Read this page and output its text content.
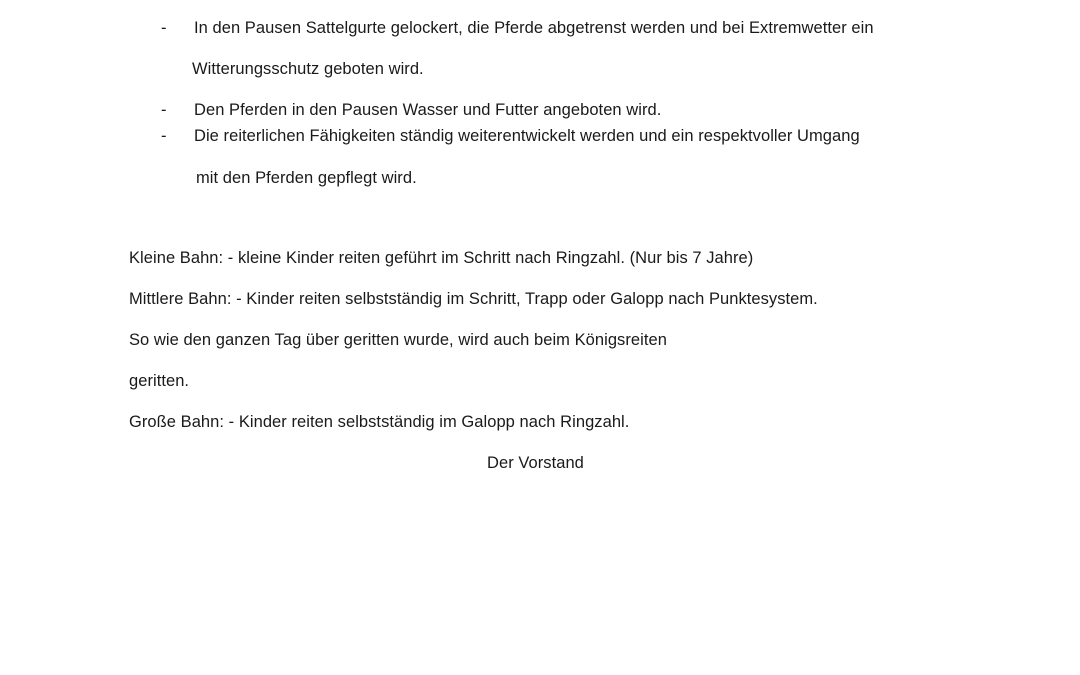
- In den Pausen Sattelgurte gelockert, die Pferde abgetrenst werden und bei Extremwetter ein
Witterungsschutz geboten wird.
- Den Pferden in den Pausen Wasser und Futter angeboten wird.
- Die reiterlichen Fähigkeiten ständig weiterentwickelt werden und ein respektvoller Umgang
mit den Pferden gepflegt wird.
Kleine Bahn: - kleine Kinder reiten geführt im Schritt nach Ringzahl. (Nur bis 7 Jahre)
Mittlere Bahn: - Kinder reiten selbstständig im Schritt, Trapp oder Galopp nach Punktesystem.
So wie den ganzen Tag über geritten wurde, wird auch beim Königsreiten
geritten.
Große Bahn: - Kinder reiten selbstständig im Galopp nach Ringzahl.
Der Vorstand
